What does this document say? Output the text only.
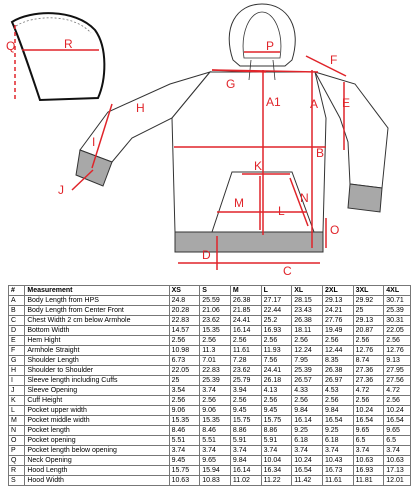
Q	R	P
F
G
H	A1 A E
B
I
J
K
M
L
N
O
C
D
#	Measurement	XS	S	M	L	XL	2XL	3XL	4XL
A	Body Length from HPS	24.8	25.59	26.38	27.17	28.15	29.13	29.92	30.71
B	Body Length from Center Front	20.28	21.06	21.85	22.44	23.43	24.21	25	25.39
C	Chest Width 2 cm below Armhole	22.83	23.62	24.41	25.2	26.38	27.76	29.13	30.31
D	Bottom Width	14.57	15.35	16.14	16.93	18.11	19.49	20.87	22.05
E	Hem Hight	2.56	2.56	2.56	2.56	2.56	2.56	2.56	2.56
F	Armhole Straight	10.98	11.3	11.61	11.93	12.24	12.44	12.76	12.76
G	Shoulder Length	6.73	7.01	7.28	7.56	7.95	8.35	8.74	9.13
H	Shoulder to Shoulder	22.05	22.83	23.62	24.41	25.39	26.38	27.36	27.95
I	Sleeve length including Cuffs	25	25.39	25.79	26.18	26.57	26.97	27.36	27.56
J	Sleeve Opening	3.54	3.74	3.94	4.13	4.33	4.53	4.72	4.72
K	Cuff Height	2.56	2.56	2.56	2.56	2.56	2.56	2.56	2.56
L	Pocket upper width	9.06	9.06	9.45	9.45	9.84	9.84	10.24	10.24
M	Pocket middle width	15.35	15.35	15.75	15.75	16.14	16.54	16.54	16.54
N	Pocket length	8.46	8.46	8.86	8.86	9.25	9.25	9.65	9.65
O	Pocket opening	5.51	5.51	5.91	5.91	6.18	6.18	6.5	6.5
P	Pocket length below opening	3.74	3.74	3.74	3.74	3.74	3.74	3.74	3.74
Q	Neck Opening	9.45	9.65	9.84	10.04	10.24	10.43	10.63	10.63
R	Hood Length	15.75	15.94	16.14	16.34	16.54	16.73	16.93	17.13
S	Hood Width	10.63	10.83	11.02	11.22	11.42	11.61	11.81	12.01
